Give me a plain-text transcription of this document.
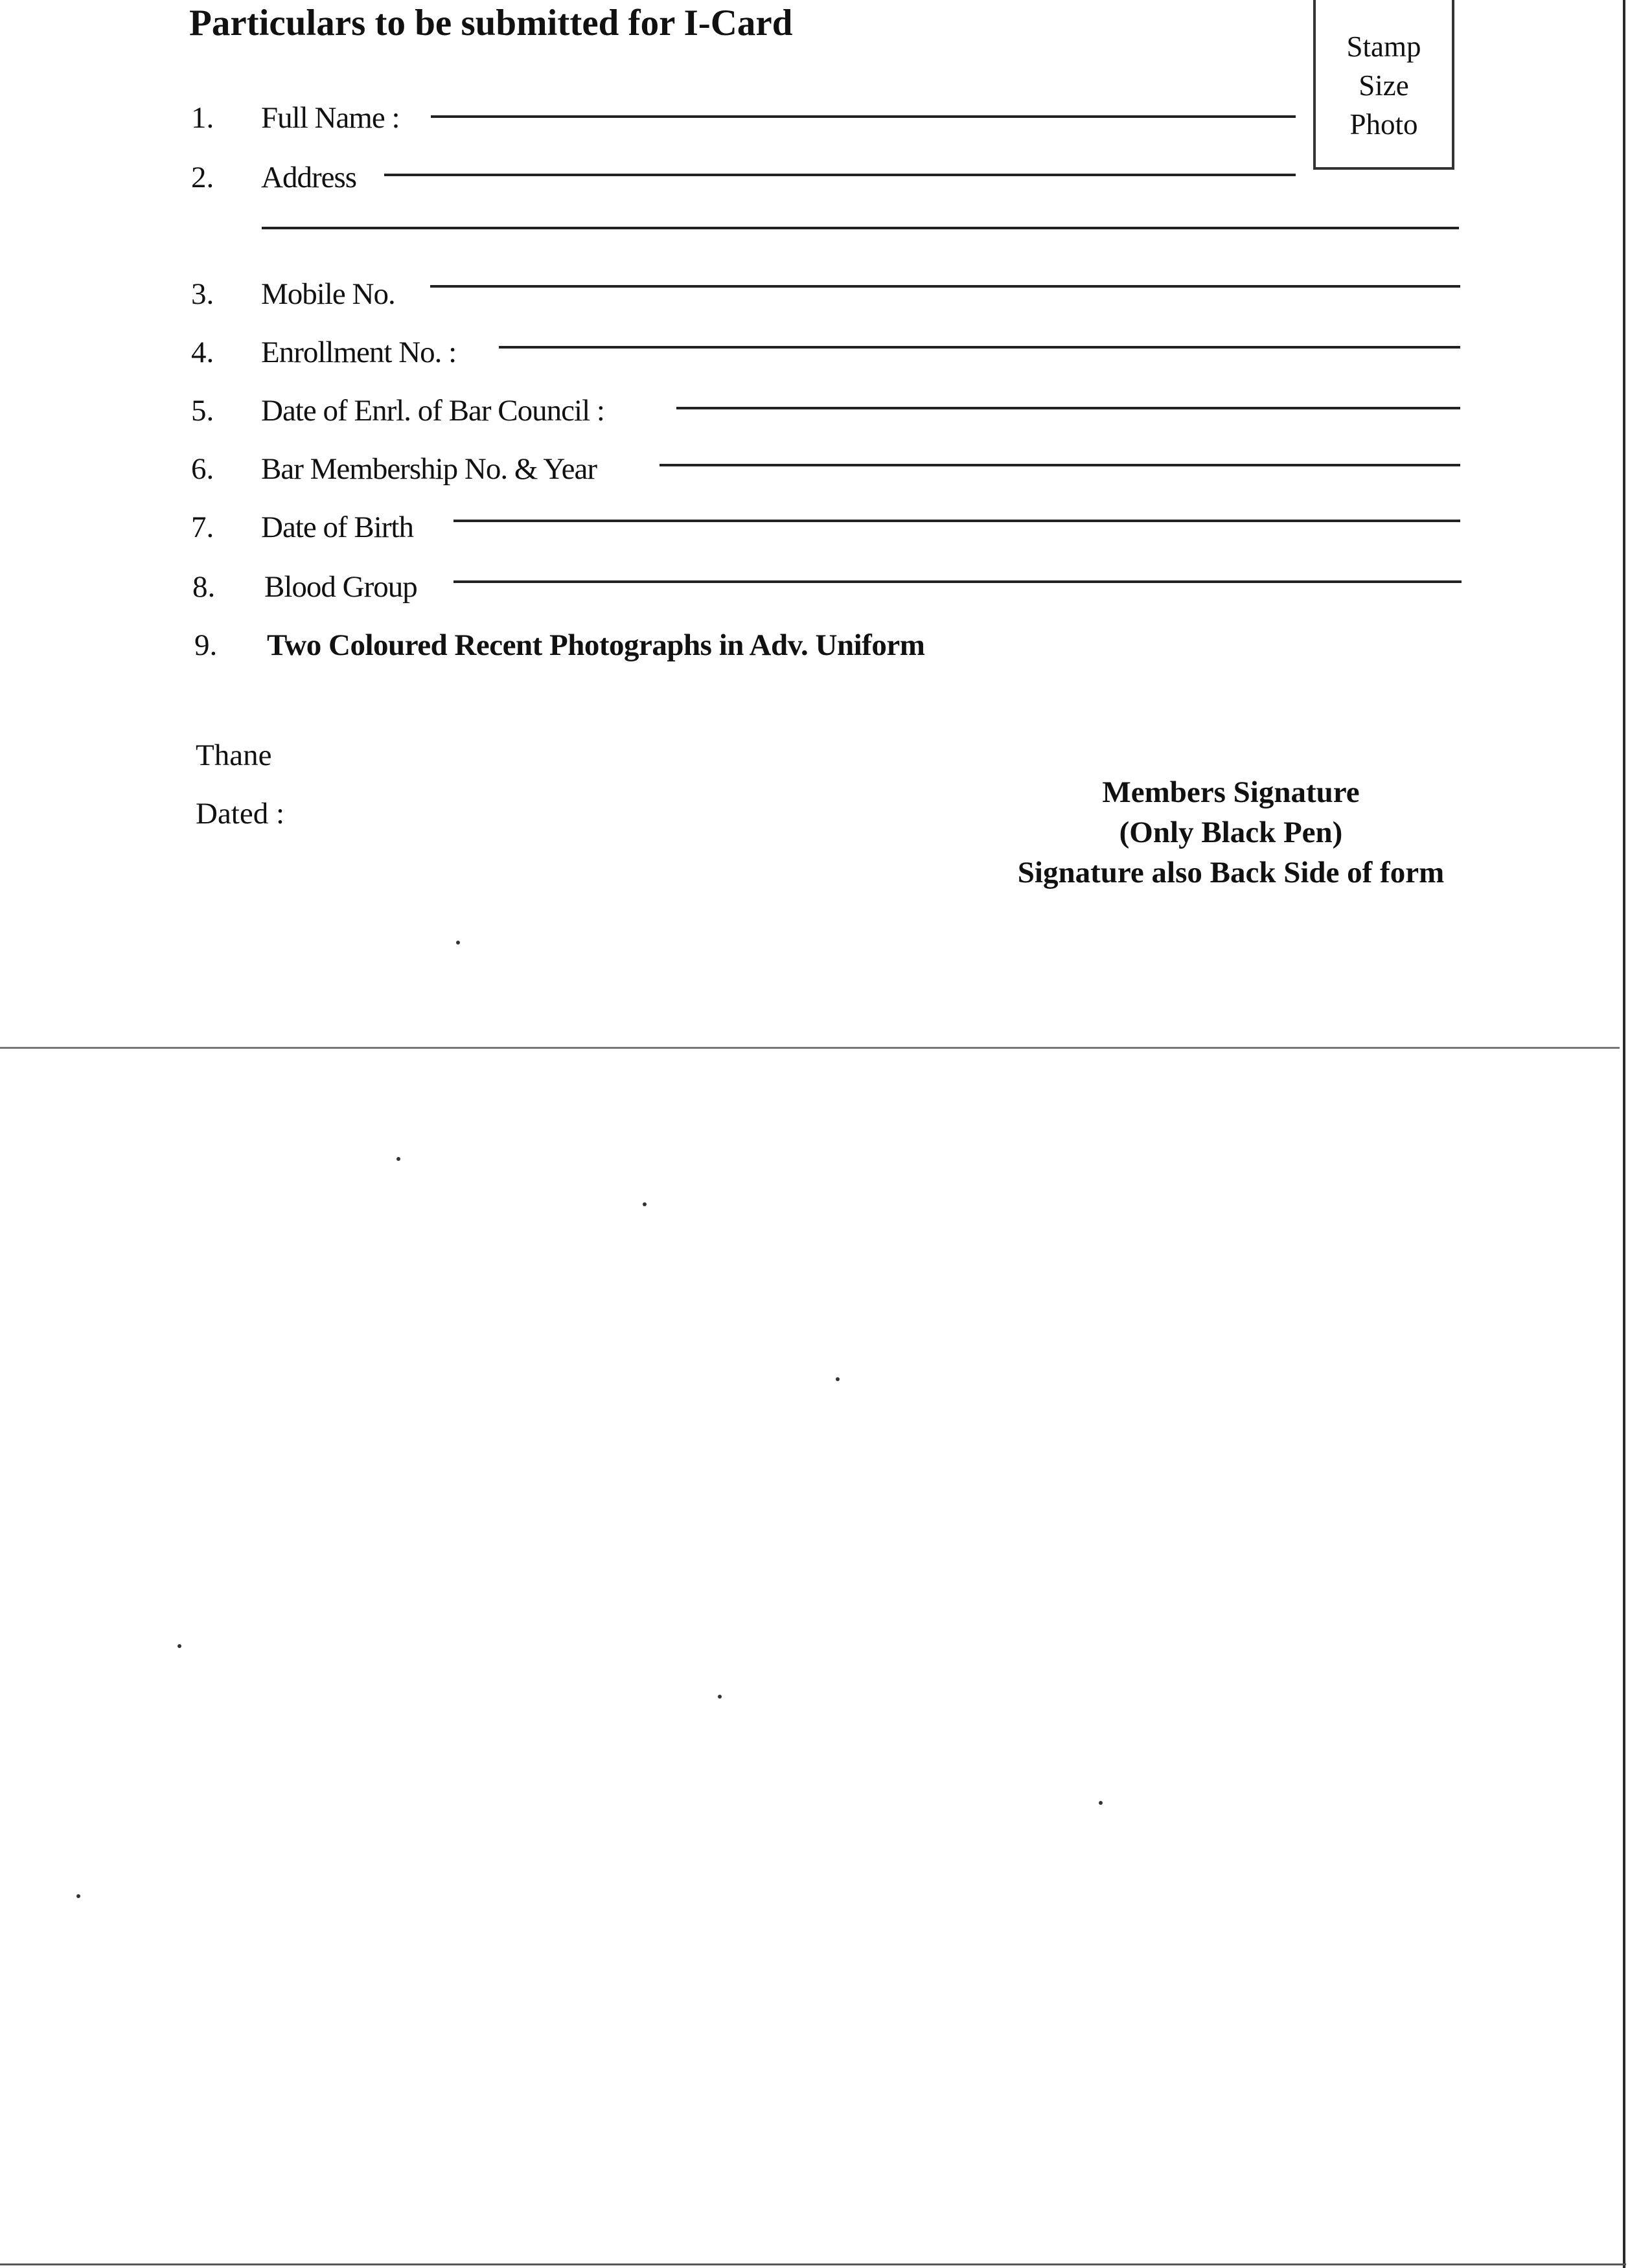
Particulars to be submitted for I-Card
Stamp
Size
Photo
1. Full Name :
2. Address
3. Mobile No.
4. Enrollment No. :
5. Date of Enrl. of Bar Council :
6. Bar Membership No. & Year
7. Date of Birth
8. Blood Group
9. Two Coloured Recent Photographs in Adv. Uniform
Thane
Dated :
Members Signature
(Only Black Pen)
Signature also Back Side of form
